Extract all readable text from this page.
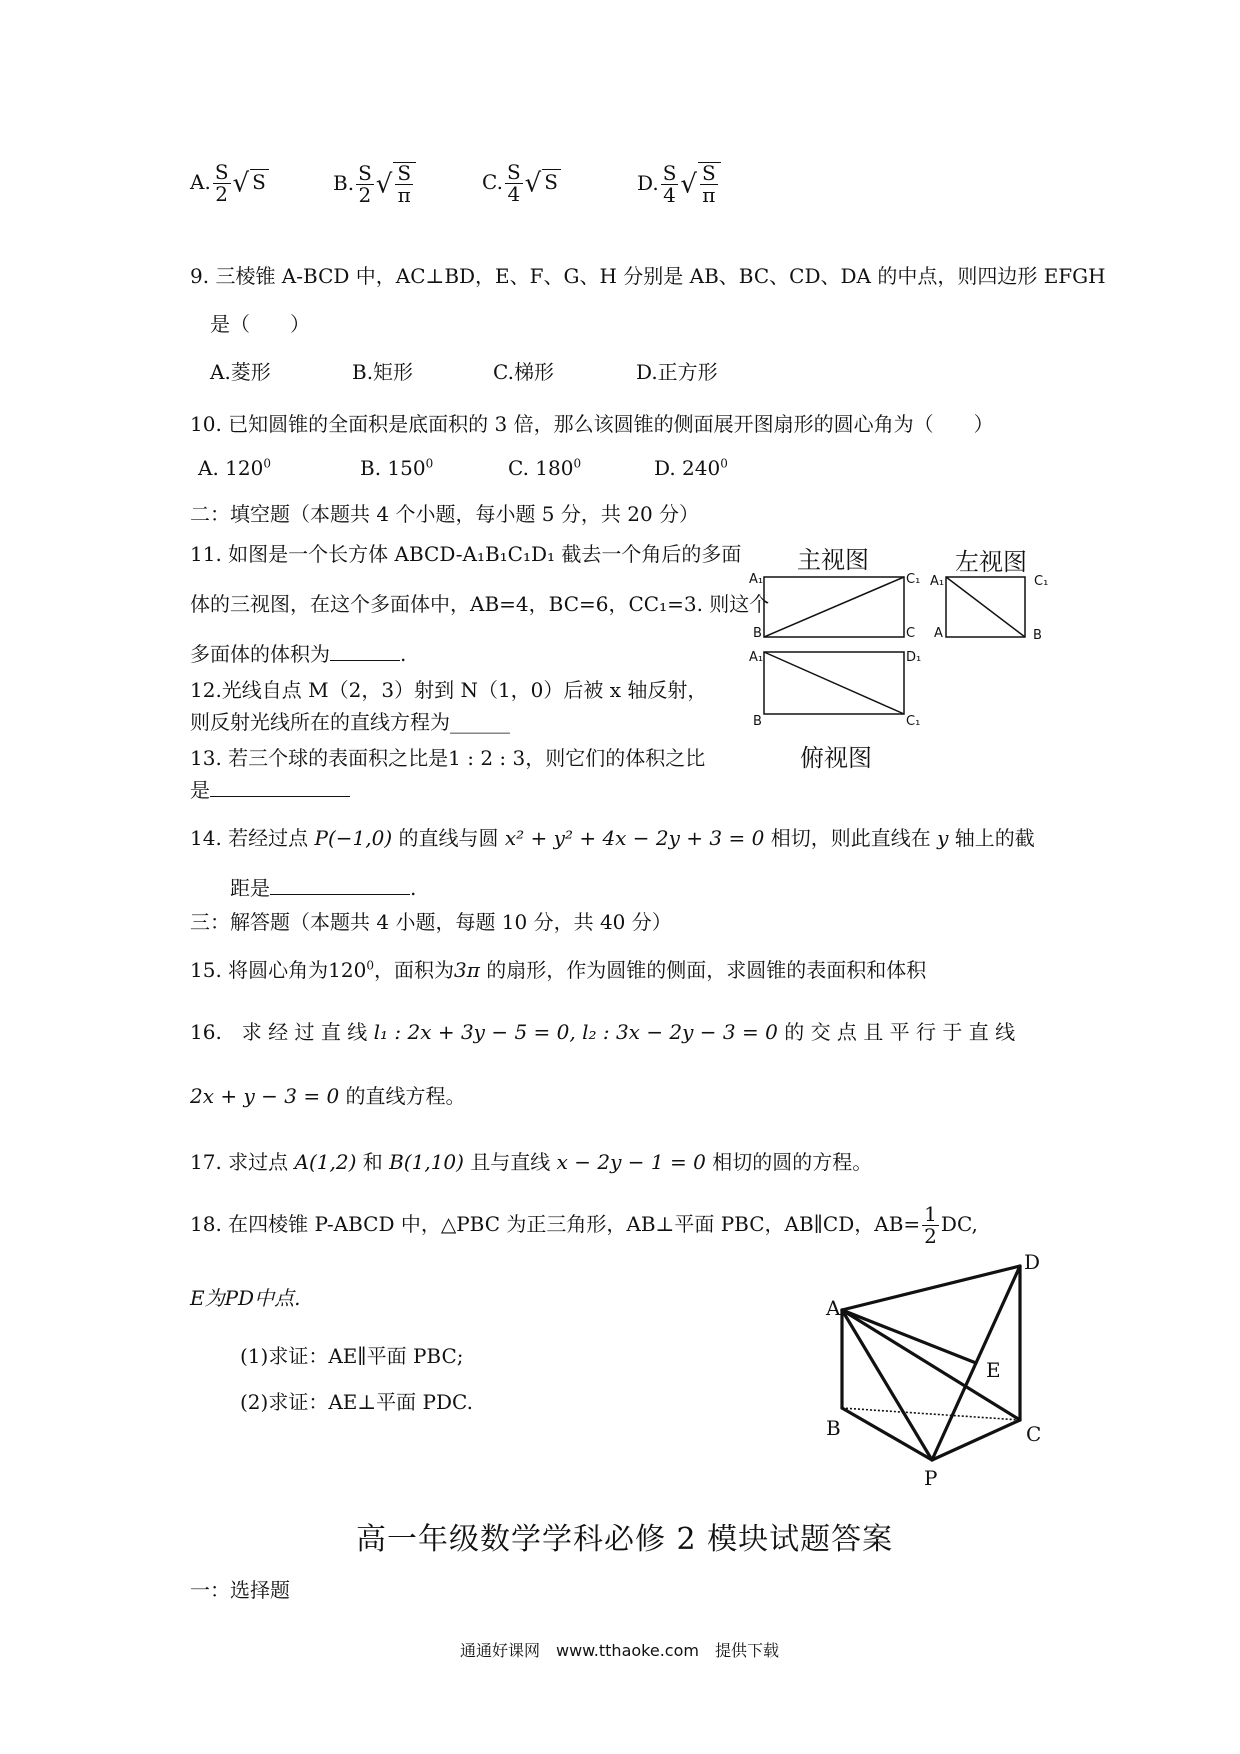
A. $\frac{S}{2}$ √ S	B. $\frac{S}{2}$ √ $\frac{S}{\pi}$	C. $\frac{S}{4}$ √ S	D. $\frac{S}{4}$ √ $\frac{S}{\pi}$
9. 三棱锥 A-BCD 中，AC⊥BD，E、F、G、H 分别是 AB、BC、CD、DA 的中点，则四边形 EFGH
是（　　）
A.菱形	B.矩形	C.梯形	D.正方形
10. 已知圆锥的全面积是底面积的 3 倍，那么该圆锥的侧面展开图扇形的圆心角为（　　）
A. $120^0$	B. $150^0$	C. $180^0$	D. $240^0$
二：填空题（本题共 4 个小题，每小题 5 分，共 20 分）
11. 如图是一个长方体 ABCD-A₁B₁C₁D₁ 截去一个角后的多面
体的三视图，在这个多面体中，AB=4，BC=6，CC₁=3. 则这个
多面体的体积为	.
主视图	左视图
俯视图
A₁	C₁
B	C
A₁	C₁
A	B
A₁	D₁
B	C₁
12.光线自点 M（2，3）射到 N（1，0）后被 x 轴反射，
则反射光线所在的直线方程为______
13. 若三个球的表面积之比是1 : 2 : 3，则它们的体积之比
是
14. 若经过点 P(−1,0) 的直线与圆 x² + y² + 4x − 2y + 3 = 0 相切，则此直线在 y 轴上的截
距是	.
三：解答题（本题共 4 小题，每题 10 分，共 40 分）
15. 将圆心角为$120^0$，面积为3π 的扇形，作为圆锥的侧面，求圆锥的表面积和体积
16.　求 经 过 直 线 l₁ : 2x + 3y − 5 = 0, l₂ : 3x − 2y − 3 = 0 的 交 点 且 平 行 于 直 线
2x + y − 3 = 0 的直线方程。
17. 求过点 A(1,2) 和 B(1,10) 且与直线 x − 2y − 1 = 0 相切的圆的方程。
18. 在四棱锥 P-ABCD 中，△PBC 为正三角形，AB⊥平面 PBC，AB∥CD，$AB= \frac{1}{2}$ DC,
E为PD中点.
(1)求证：AE∥平面 PBC;
(2)求证：AE⊥平面 PDC.
A
B	C
D
E
P
高一年级数学学科必修 2 模块试题答案
一：选择题
通通好课网　www.tthaoke.com　提供下载
